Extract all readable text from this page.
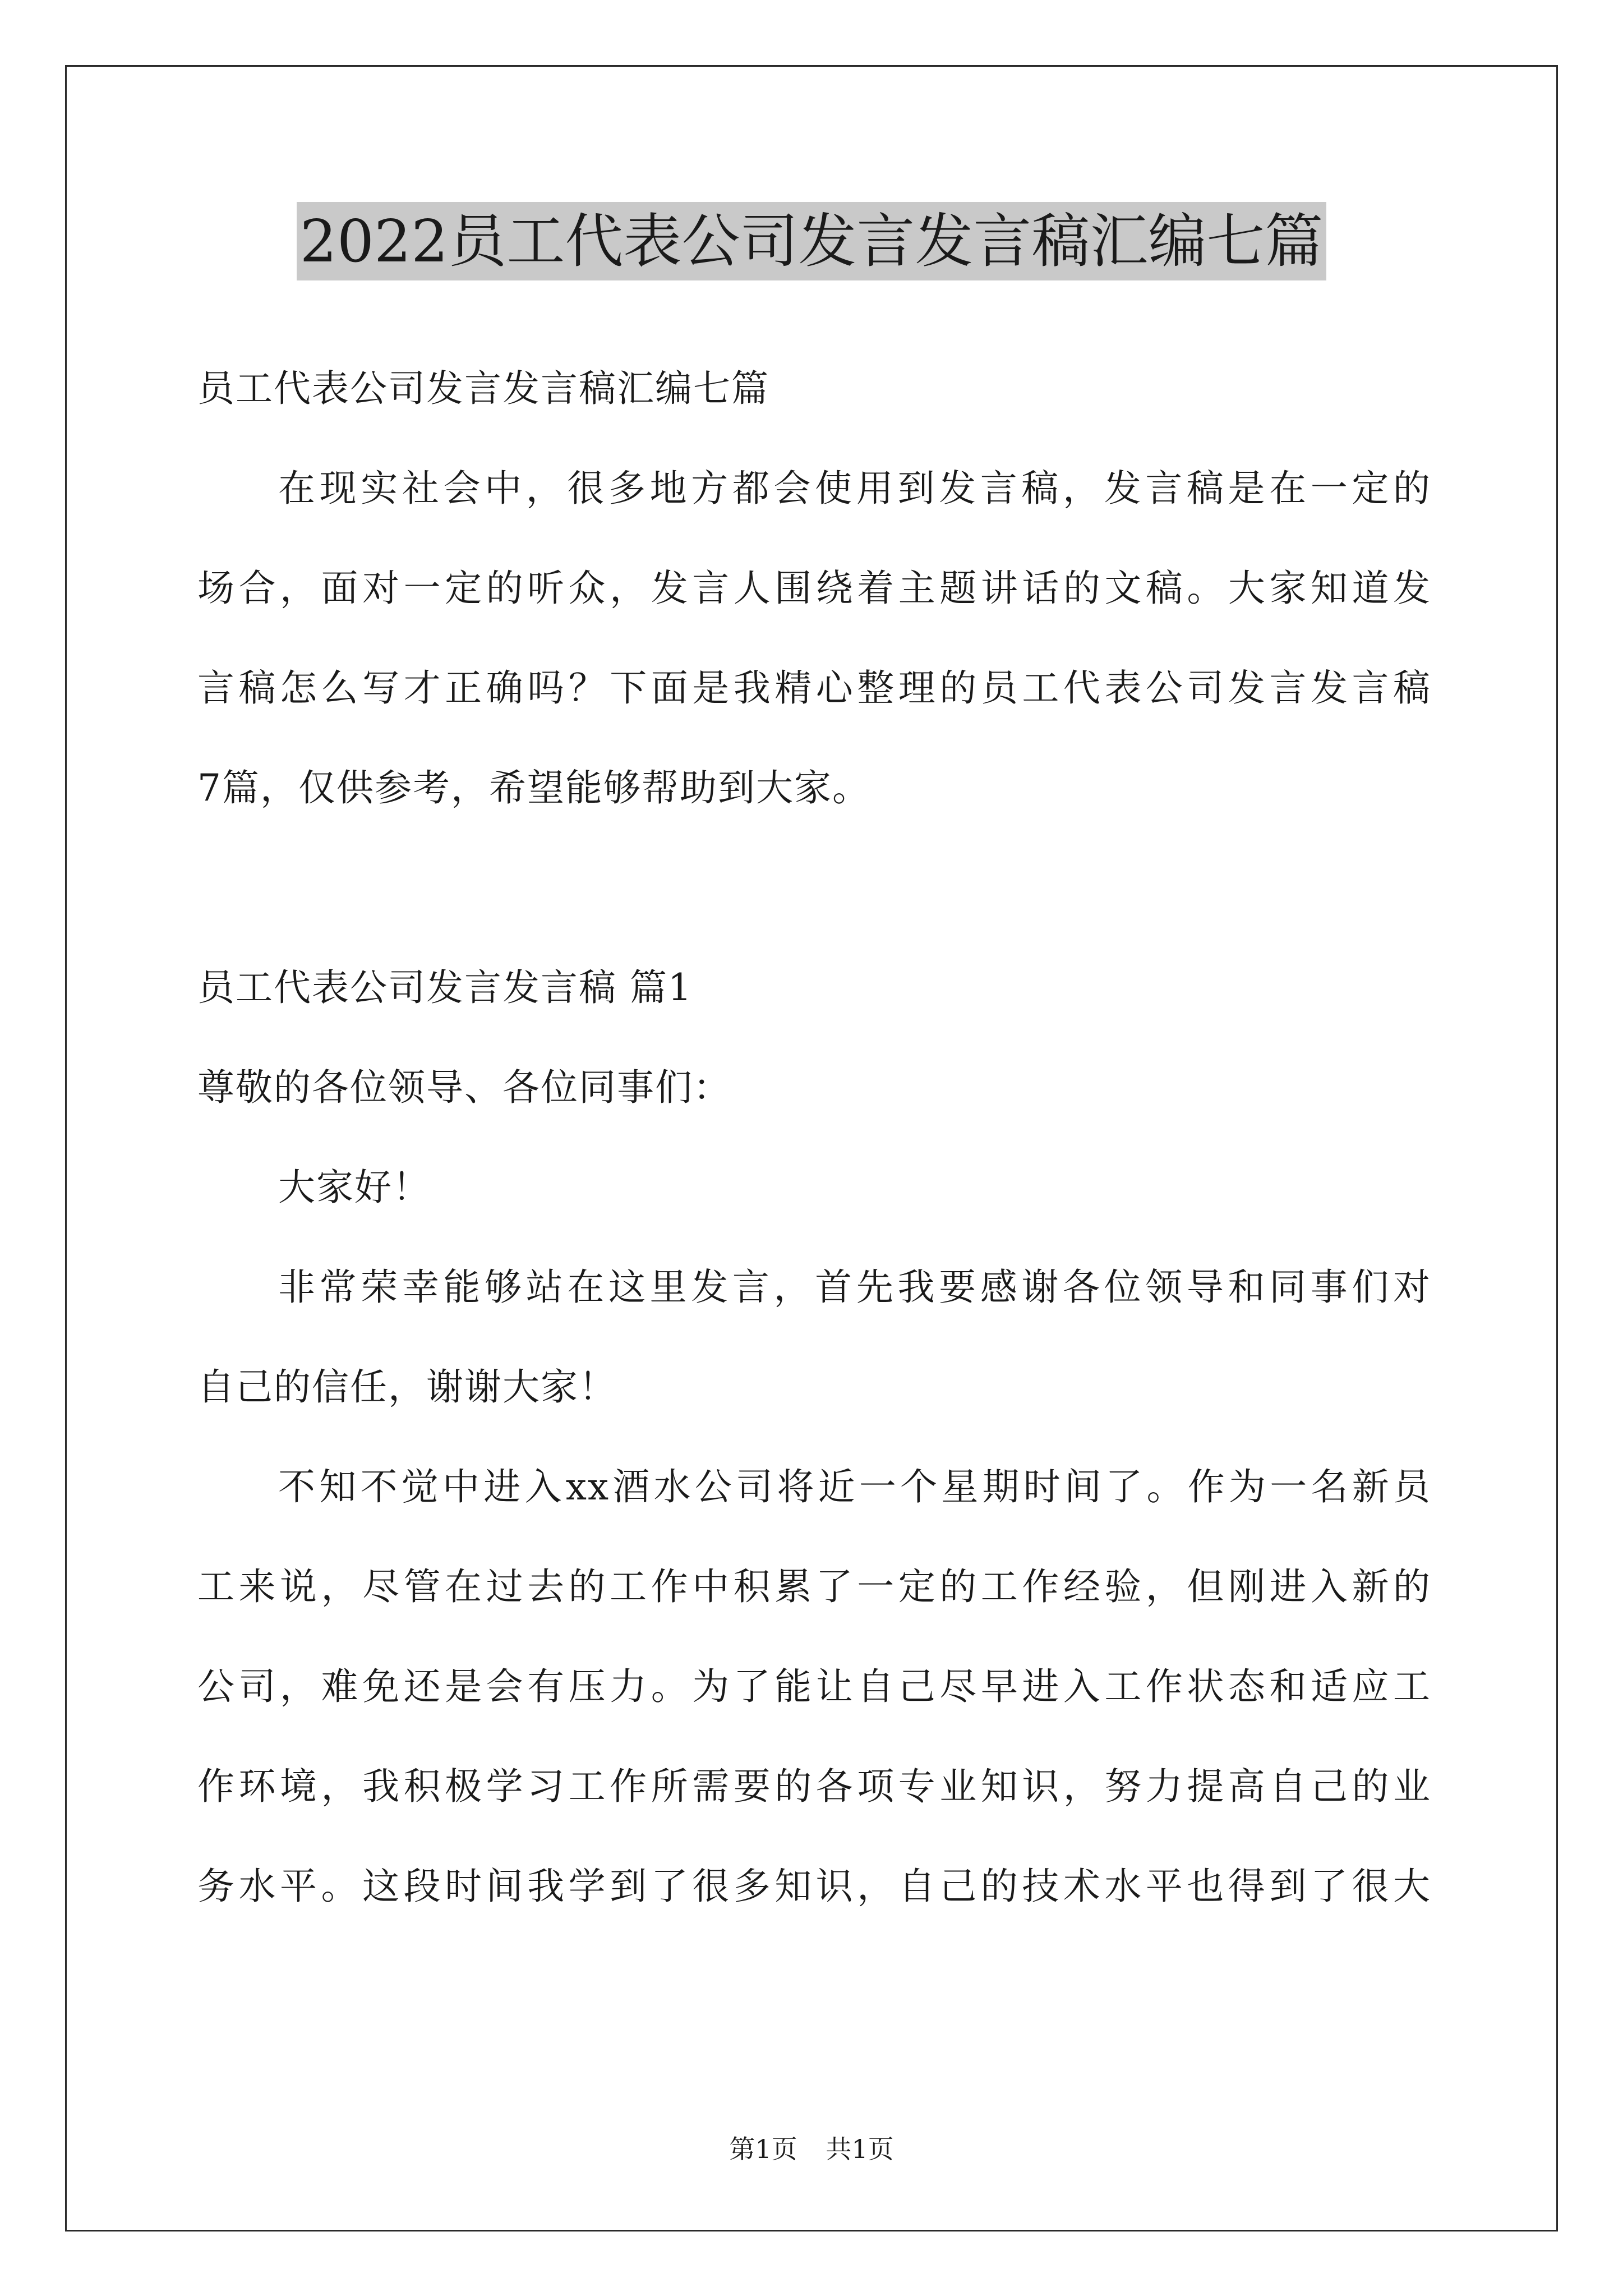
2022员工代表公司发言发言稿汇编七篇
员工代表公司发言发言稿汇编七篇
在现实社会中，很多地方都会使用到发言稿，发言稿是在一定的
场合，面对一定的听众，发言人围绕着主题讲话的文稿。大家知道发
言稿怎么写才正确吗？下面是我精心整理的员工代表公司发言发言稿
7篇，仅供参考，希望能够帮助到大家。
员工代表公司发言发言稿 篇1
尊敬的各位领导、各位同事们：
大家好！
非常荣幸能够站在这里发言，首先我要感谢各位领导和同事们对
自己的信任，谢谢大家！
不知不觉中进入xx酒水公司将近一个星期时间了。作为一名新员
工来说，尽管在过去的工作中积累了一定的工作经验，但刚进入新的
公司，难免还是会有压力。为了能让自己尽早进入工作状态和适应工
作环境，我积极学习工作所需要的各项专业知识，努力提高自己的业
务水平。这段时间我学到了很多知识，自己的技术水平也得到了很大
第1页 共1页
